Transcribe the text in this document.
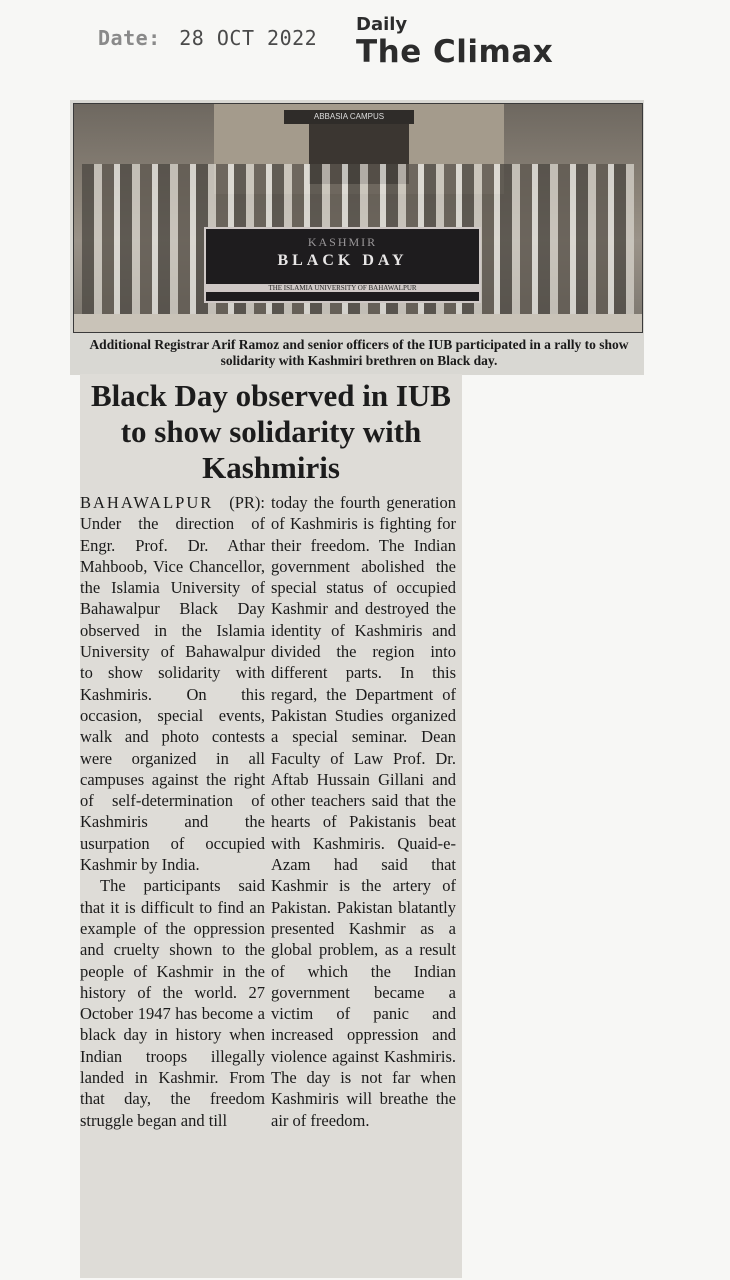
Date: 28 OCT 2022
Daily
The Climax
ABBASIA CAMPUS
KASHMIR
BLACK DAY
THE ISLAMIA UNIVERSITY OF BAHAWALPUR
Additional Registrar Arif Ramoz and senior officers of the IUB participated in a rally to show solidarity with Kashmiri brethren on Black day.
Black Day observed in IUB to show solidarity with Kashmiris

BAHAWALPUR (PR): Under the direction of Engr. Prof. Dr. Athar Mahboob, Vice Chancellor, the Islamia University of Bahawalpur Black Day observed in the Islamia University of Bahawalpur to show solidarity with Kashmiris. On this occasion, special events, walk and photo contests were organized in all campuses against the right of self-determination of Kashmiris and the usurpation of occupied Kashmir by India.

The participants said that it is difficult to find an example of the oppression and cruelty shown to the people of Kashmir in the history of the world. 27 October 1947 has become a black day in history when Indian troops illegally landed in Kashmir. From that day, the freedom struggle began and till

today the fourth generation of Kashmiris is fighting for their freedom. The Indian government abolished the special status of occupied Kashmir and destroyed the identity of Kashmiris and divided the region into different parts. In this regard, the Department of Pakistan Studies organized a special seminar. Dean Faculty of Law Prof. Dr. Aftab Hussain Gillani and other teachers said that the hearts of Pakistanis beat with Kashmiris. Quaid-e-Azam had said that Kashmir is the artery of Pakistan. Pakistan blatantly presented Kashmir as a global problem, as a result of which the Indian government became a victim of panic and increased oppression and violence against Kashmiris. The day is not far when Kashmiris will breathe the air of freedom.
